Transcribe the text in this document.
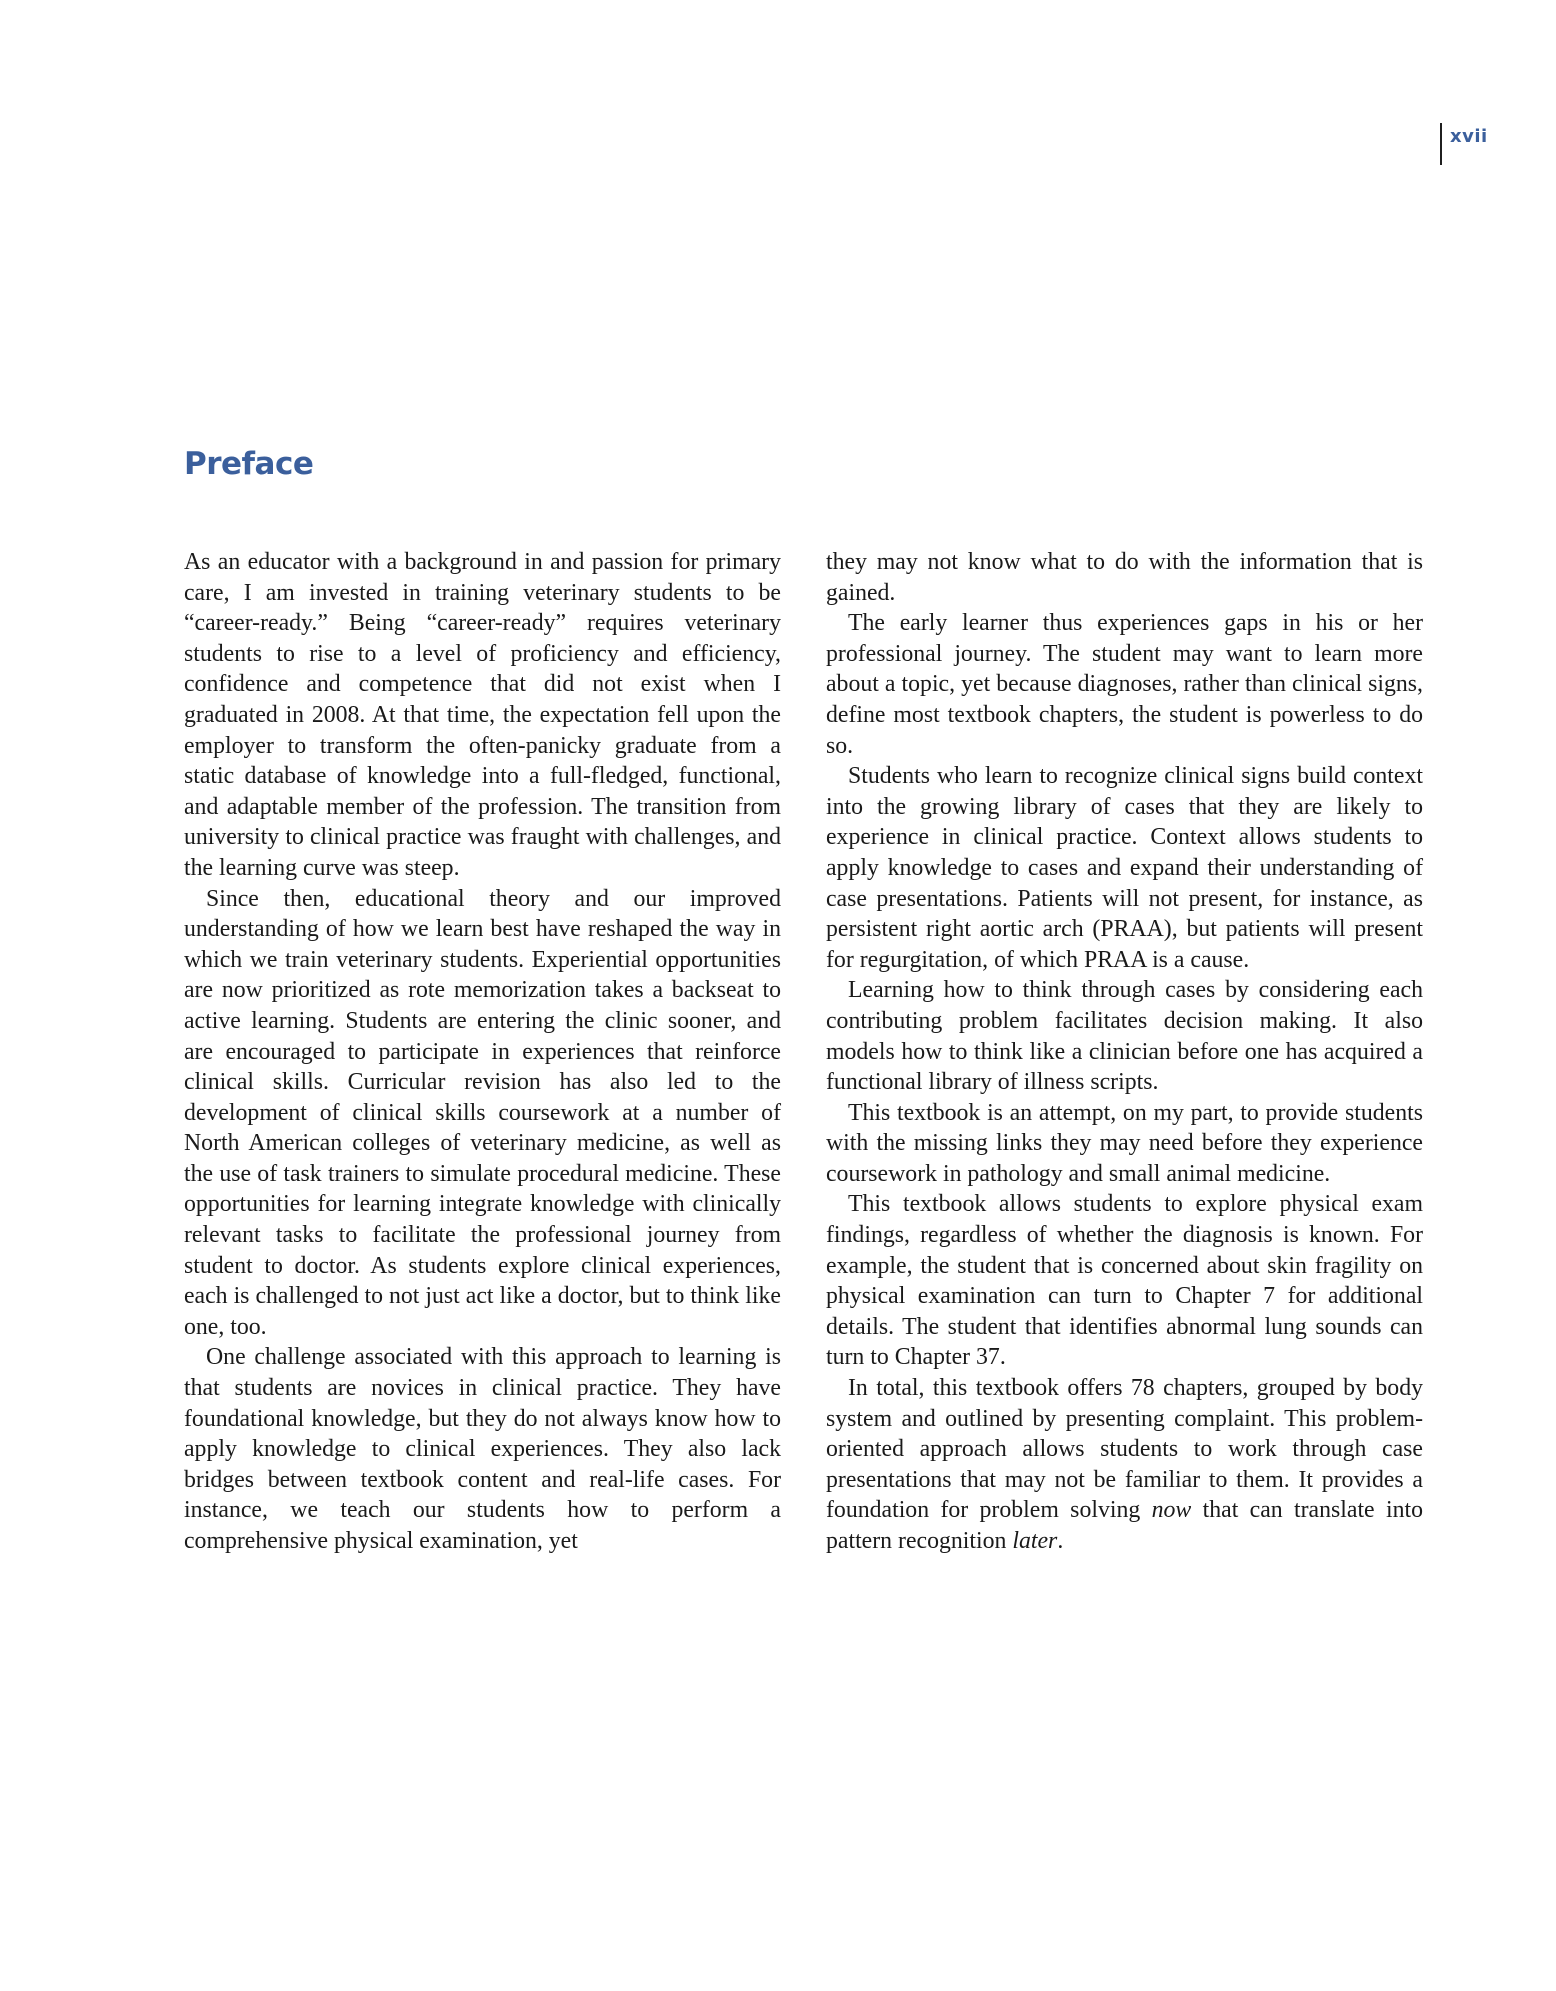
xvii
Preface

As an educator with a background in and passion for primary care, I am invested in training veterinary students to be “career-ready.” Being “career-ready” requires veterinary students to rise to a level of proficiency and efficiency, confidence and competence that did not exist when I graduated in 2008. At that time, the expectation fell upon the employer to transform the often-panicky graduate from a static database of knowledge into a full-fledged, functional, and adaptable member of the profession. The transition from university to clinical practice was fraught with challenges, and the learning curve was steep.

Since then, educational theory and our improved understanding of how we learn best have reshaped the way in which we train veterinary students. Experiential opportunities are now prioritized as rote memorization takes a backseat to active learning. Students are entering the clinic sooner, and are encouraged to participate in experiences that reinforce clinical skills. Curricular revision has also led to the development of clinical skills coursework at a number of North American colleges of veterinary medicine, as well as the use of task trainers to simulate procedural medicine. These opportunities for learning integrate knowledge with clinically relevant tasks to facilitate the professional journey from student to doctor. As students explore clinical experiences, each is challenged to not just act like a doctor, but to think like one, too.

One challenge associated with this approach to learning is that students are novices in clinical practice. They have foundational knowledge, but they do not always know how to apply knowledge to clinical experiences. They also lack bridges between textbook content and real-life cases. For instance, we teach our students how to perform a comprehensive physical examination, yet

they may not know what to do with the information that is gained.

The early learner thus experiences gaps in his or her professional journey. The student may want to learn more about a topic, yet because diagnoses, rather than clinical signs, define most textbook chapters, the student is powerless to do so.

Students who learn to recognize clinical signs build context into the growing library of cases that they are likely to experience in clinical practice. Context allows students to apply knowledge to cases and expand their understanding of case presentations. Patients will not present, for instance, as persistent right aortic arch (PRAA), but patients will present for regurgitation, of which PRAA is a cause.

Learning how to think through cases by considering each contributing problem facilitates decision making. It also models how to think like a clinician before one has acquired a functional library of illness scripts.

This textbook is an attempt, on my part, to provide students with the missing links they may need before they experience coursework in pathology and small animal medicine.

This textbook allows students to explore physical exam findings, regardless of whether the diagnosis is known. For example, the student that is concerned about skin fragility on physical examination can turn to Chapter 7 for additional details. The student that identifies abnormal lung sounds can turn to Chapter 37.

In total, this textbook offers 78 chapters, grouped by body system and outlined by presenting complaint. This problem-oriented approach allows students to work through case presentations that may not be familiar to them. It provides a foundation for problem solving now that can translate into pattern recognition later.
